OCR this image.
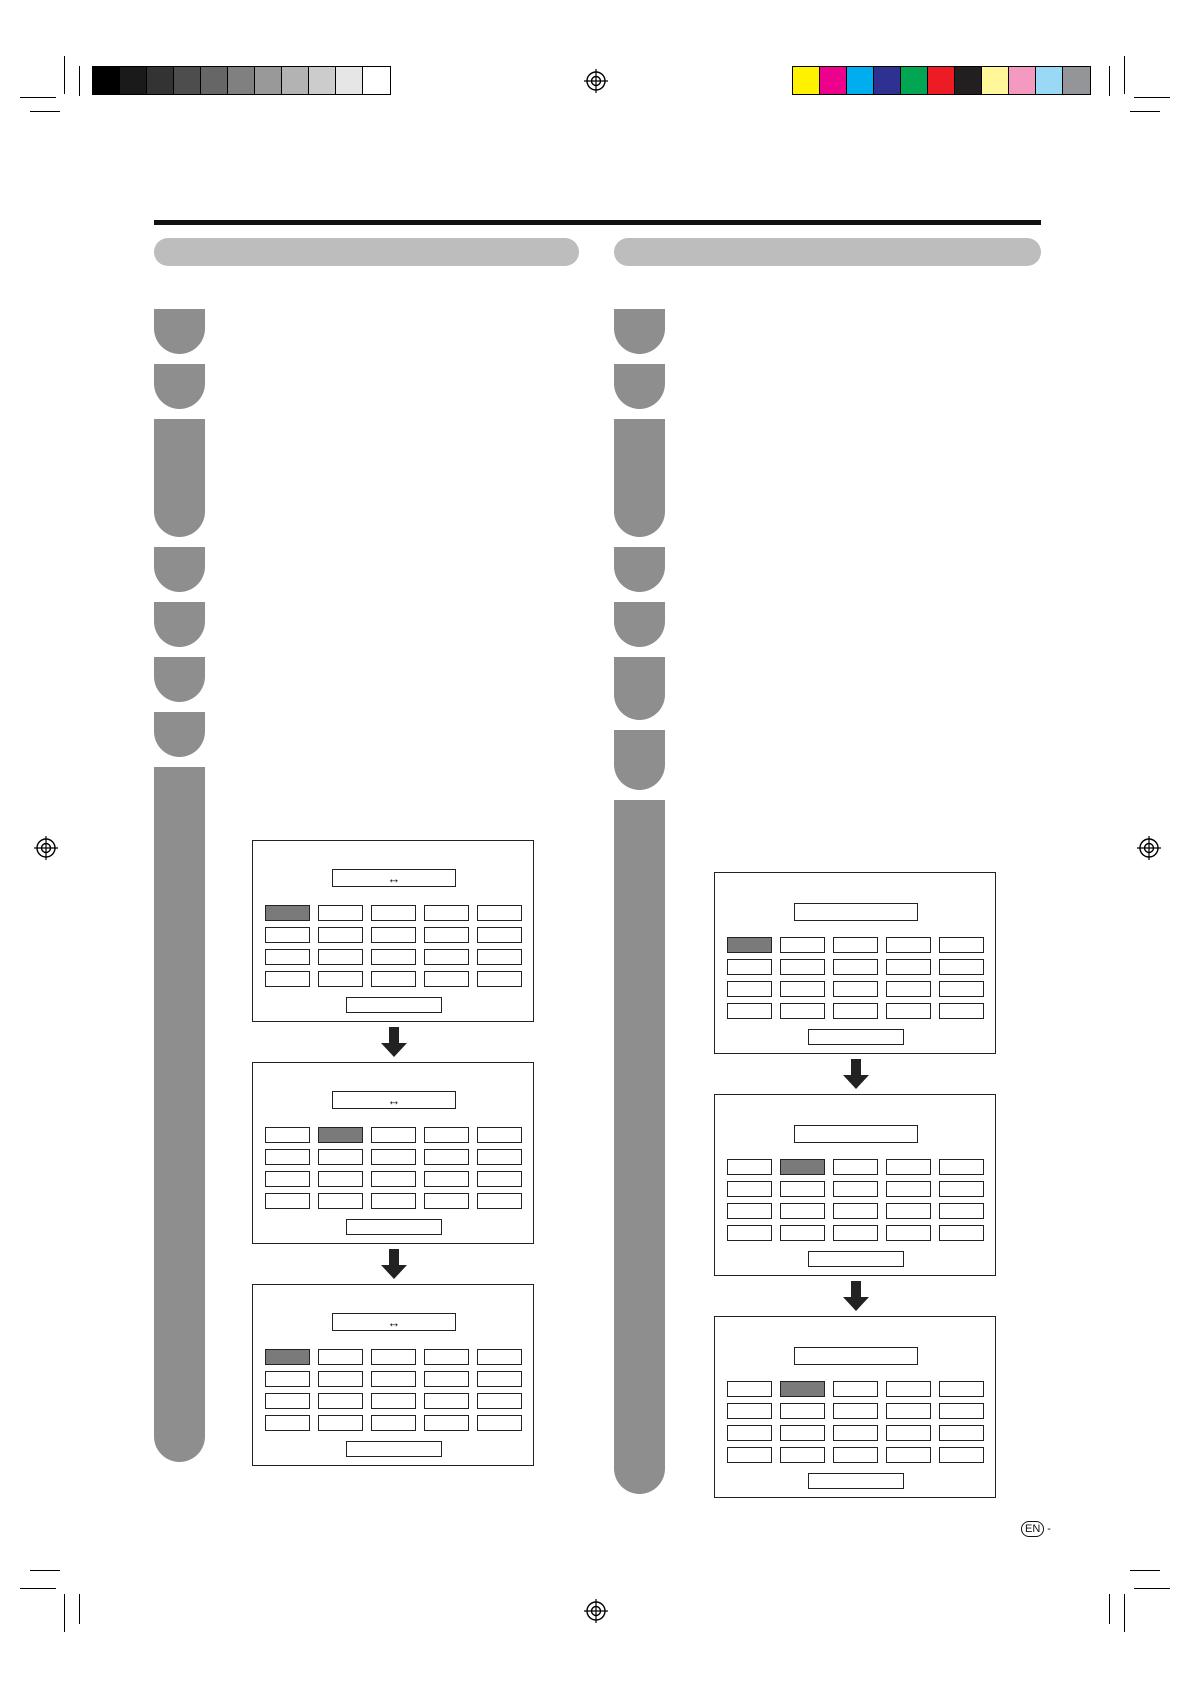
↔
↔
↔
EN -
